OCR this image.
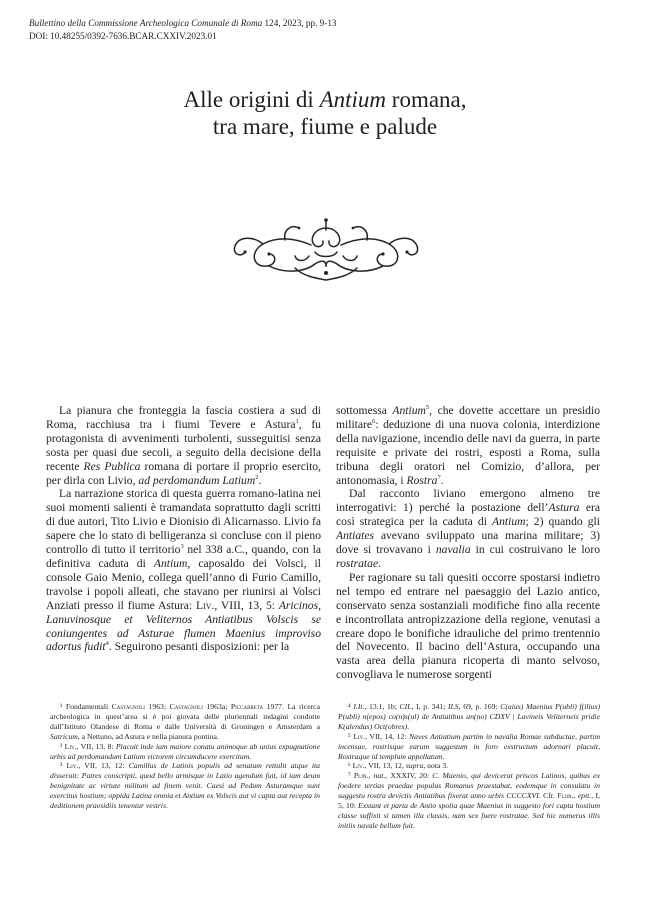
Bullettino della Commissione Archeologica Comunale di Roma 124, 2023, pp. 9-13
DOI: 10.48255/0392-7636.BCAR.CXXIV.2023.01
Alle origini di Antium romana,
tra mare, fiume e palude

La pianura che fronteggia la fascia costiera a sud di Roma, racchiusa tra i fiumi Tevere e Astura$^1$, fu protagonista di avvenimenti turbolenti, susseguitisi senza sosta per quasi due secoli, a seguito della decisione della recente Res Publica romana di portare il proprio esercito, per dirla con Livio, ad perdomandum Latium$^2$.

La narrazione storica di questa guerra romano-latina nei suoi momenti salienti è tramandata soprattutto dagli scritti di due autori, Tito Livio e Dionisio di Alicarnasso. Livio fa sapere che lo stato di belligeranza si concluse con il pieno controllo di tutto il territorio$^3$ nel 338 a.C., quando, con la definitiva caduta di Antium, caposaldo dei Volsci, il console Gaio Menio, collega quell’anno di Furio Camillo, travolse i popoli alleati, che stavano per riunirsi ai Volsci Anziati presso il fiume Astura: Liv., VIII, 13, 5: Aricinos, Lanuvinosque et Veliternos Antiatibus Volscis se coniungentes ad Asturae flumen Maenius improviso adortus fudit$^4$. Seguirono pesanti disposizioni: per la

sottomessa Antium$^5$, che dovette accettare un presidio militare$^6$: deduzione di una nuova colonia, interdizione della navigazione, incendio delle navi da guerra, in parte requisite e private dei rostri, esposti a Roma, sulla tribuna degli oratori nel Comizio, d’allora, per antonomasia, i Rostra$^7$.

Dal racconto liviano emergono almeno tre interrogativi: 1) perché la postazione dell’Astura era così strategica per la caduta di Antium; 2) quando gli Antiates avevano sviluppato una marina militare; 3) dove si trovavano i navalia in cui costruivano le loro rostratae.

Per ragionare su tali quesiti occorre spostarsi indietro nel tempo ed entrare nel paesaggio del Lazio antico, conservato senza sostanziali modifiche fino alla recente e incontrollata antropizzazione della regione, venutasi a creare dopo le bonifiche idrauliche del primo trentennio del Novecento. Il bacino dell’Astura, occupando una vasta area della pianura ricoperta di manto selvoso, convogliava le numerose sorgenti

¹ Fondamentali Castagnoli 1963; Castagnoli 1963a; Piccarreta 1977. La ricerca archeologica in quest’area si è poi giovata delle pluriennali indagini condotte dall’Istituto Olandese di Roma e dalle Università di Groningen e Amsterdam a Satricum, a Nettuno, ad Astura e nella pianura pontina.

² Liv., VII, 13, 8: Placuit inde iam maiore conatu animoque ab unius expugnatione urbis ad perdomandum Latium victorem circumducere exercitum.

³ Liv., VII, 13, 12: Camillus de Latinis populis ad senatum rettulit atque ita disseruit: Patres conscripti, quod bello armisque in Latio agendum fuit, id iam deum benignitate ac virtute militum ad finem venit. Caesi ad Pedum Asturamque sunt exercitus hostium; oppida Latina omnia et Antium ex Volscis aut vi capta aut recepta in deditionem praesidiis tenentur vestris.

⁴ I.It., 13.1, 1b; CIL, I, p. 341; ILS, 69, p. 169: C(aius) Maenius P(ubli) f(ilius) P(ubli) n(epos) co(n)s(ul) de Antiatibus an(no) CDXV | Lavineis Veliterneis pridie K(alendas) Oct(obres).

⁵ Liv., VII, 14, 12: Naves Antiatium partim in navalia Romae subductae, partim incensae, rostrisque earum suggestum in foro exstructum adornari placuit, Rostraque id templum appellatum.

⁶ Liv., VII, 13, 12, supra, nota 3.

⁷ Plin., nat., XXXIV, 20: C. Maenio, qui devicerat priscos Latinos, quibus ex foedere tertias praedae populus Romanus praestabat, eodemque in consulatu in suggestu rostra devictis Antiatibus fixerat anno urbis CCCCXVI. Cfr. Flor., epit., I, 5, 10: Exstant et parta de Antio spolia quae Maenius in suggesto fori capta hostium classe suffixit si tamen illa classis, nam sex fuere rostratae. Sed hic numerus illis initiis navale bellum fuit.
